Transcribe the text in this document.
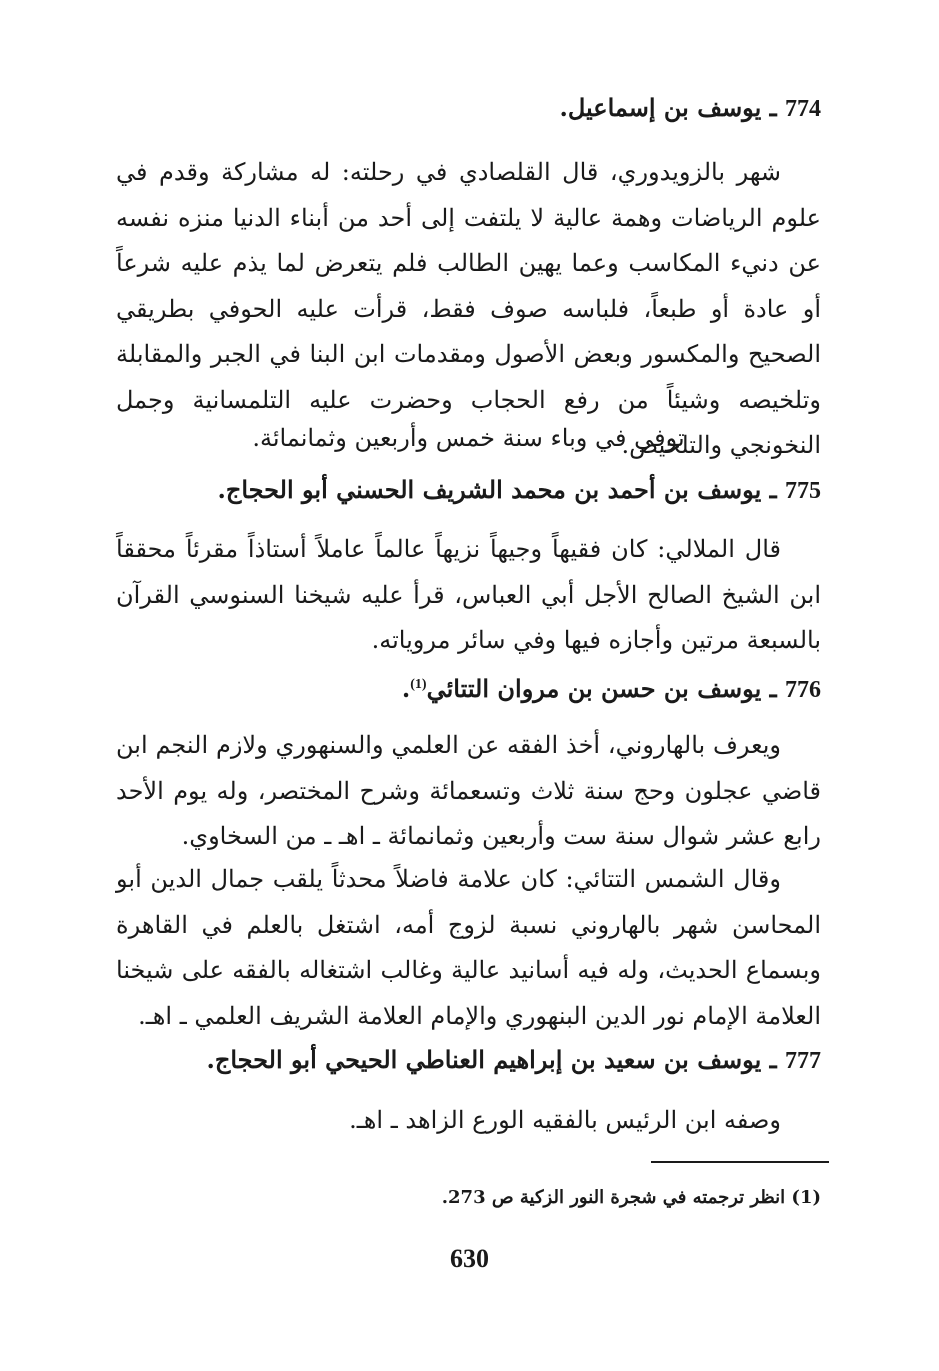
774 ـ يوسف بن إسماعيل.
شهر بالزويدوري، قال القلصادي في رحلته: له مشاركة وقدم في علوم الرياضات وهمة عالية لا يلتفت إلى أحد من أبناء الدنيا منزه نفسه عن دنيء المكاسب وعما يهين الطالب فلم يتعرض لما يذم عليه شرعاً أو عادة أو طبعاً، فلباسه صوف فقط، قرأت عليه الحوفي بطريقي الصحيح والمكسور وبعض الأصول ومقدمات ابن البنا في الجبر والمقابلة وتلخيصه وشيئاً من رفع الحجاب وحضرت عليه التلمسانية وجمل النخونجي والتلخيص.
توفي في وباء سنة خمس وأربعين وثمانمائة.
775 ـ يوسف بن أحمد بن محمد الشريف الحسني أبو الحجاج.
قال الملالي: كان فقيهاً وجيهاً نزيهاً عالماً عاملاً أستاذاً مقرئاً محققاً ابن الشيخ الصالح الأجل أبي العباس، قرأ عليه شيخنا السنوسي القرآن بالسبعة مرتين وأجازه فيها وفي سائر مروياته.
776 ـ يوسف بن حسن بن مروان التتائي$^{(1)}$.
ويعرف بالهاروني، أخذ الفقه عن العلمي والسنهوري ولازم النجم ابن قاضي عجلون وحج سنة ثلاث وتسعمائة وشرح المختصر، وله يوم الأحد رابع عشر شوال سنة ست وأربعين وثمانمائة ـ اهـ ـ من السخاوي.
وقال الشمس التتائي: كان علامة فاضلاً محدثاً يلقب جمال الدين أبو المحاسن شهر بالهاروني نسبة لزوج أمه، اشتغل بالعلم في القاهرة وبسماع الحديث، وله فيه أسانيد عالية وغالب اشتغاله بالفقه على شيخنا العلامة الإمام نور الدين البنهوري والإمام العلامة الشريف العلمي ـ اهـ.
777 ـ يوسف بن سعيد بن إبراهيم العناطي الحيحي أبو الحجاج.
وصفه ابن الرئيس بالفقيه الورع الزاهد ـ اهـ.
(1) انظر ترجمته في شجرة النور الزكية ص 273.
630
